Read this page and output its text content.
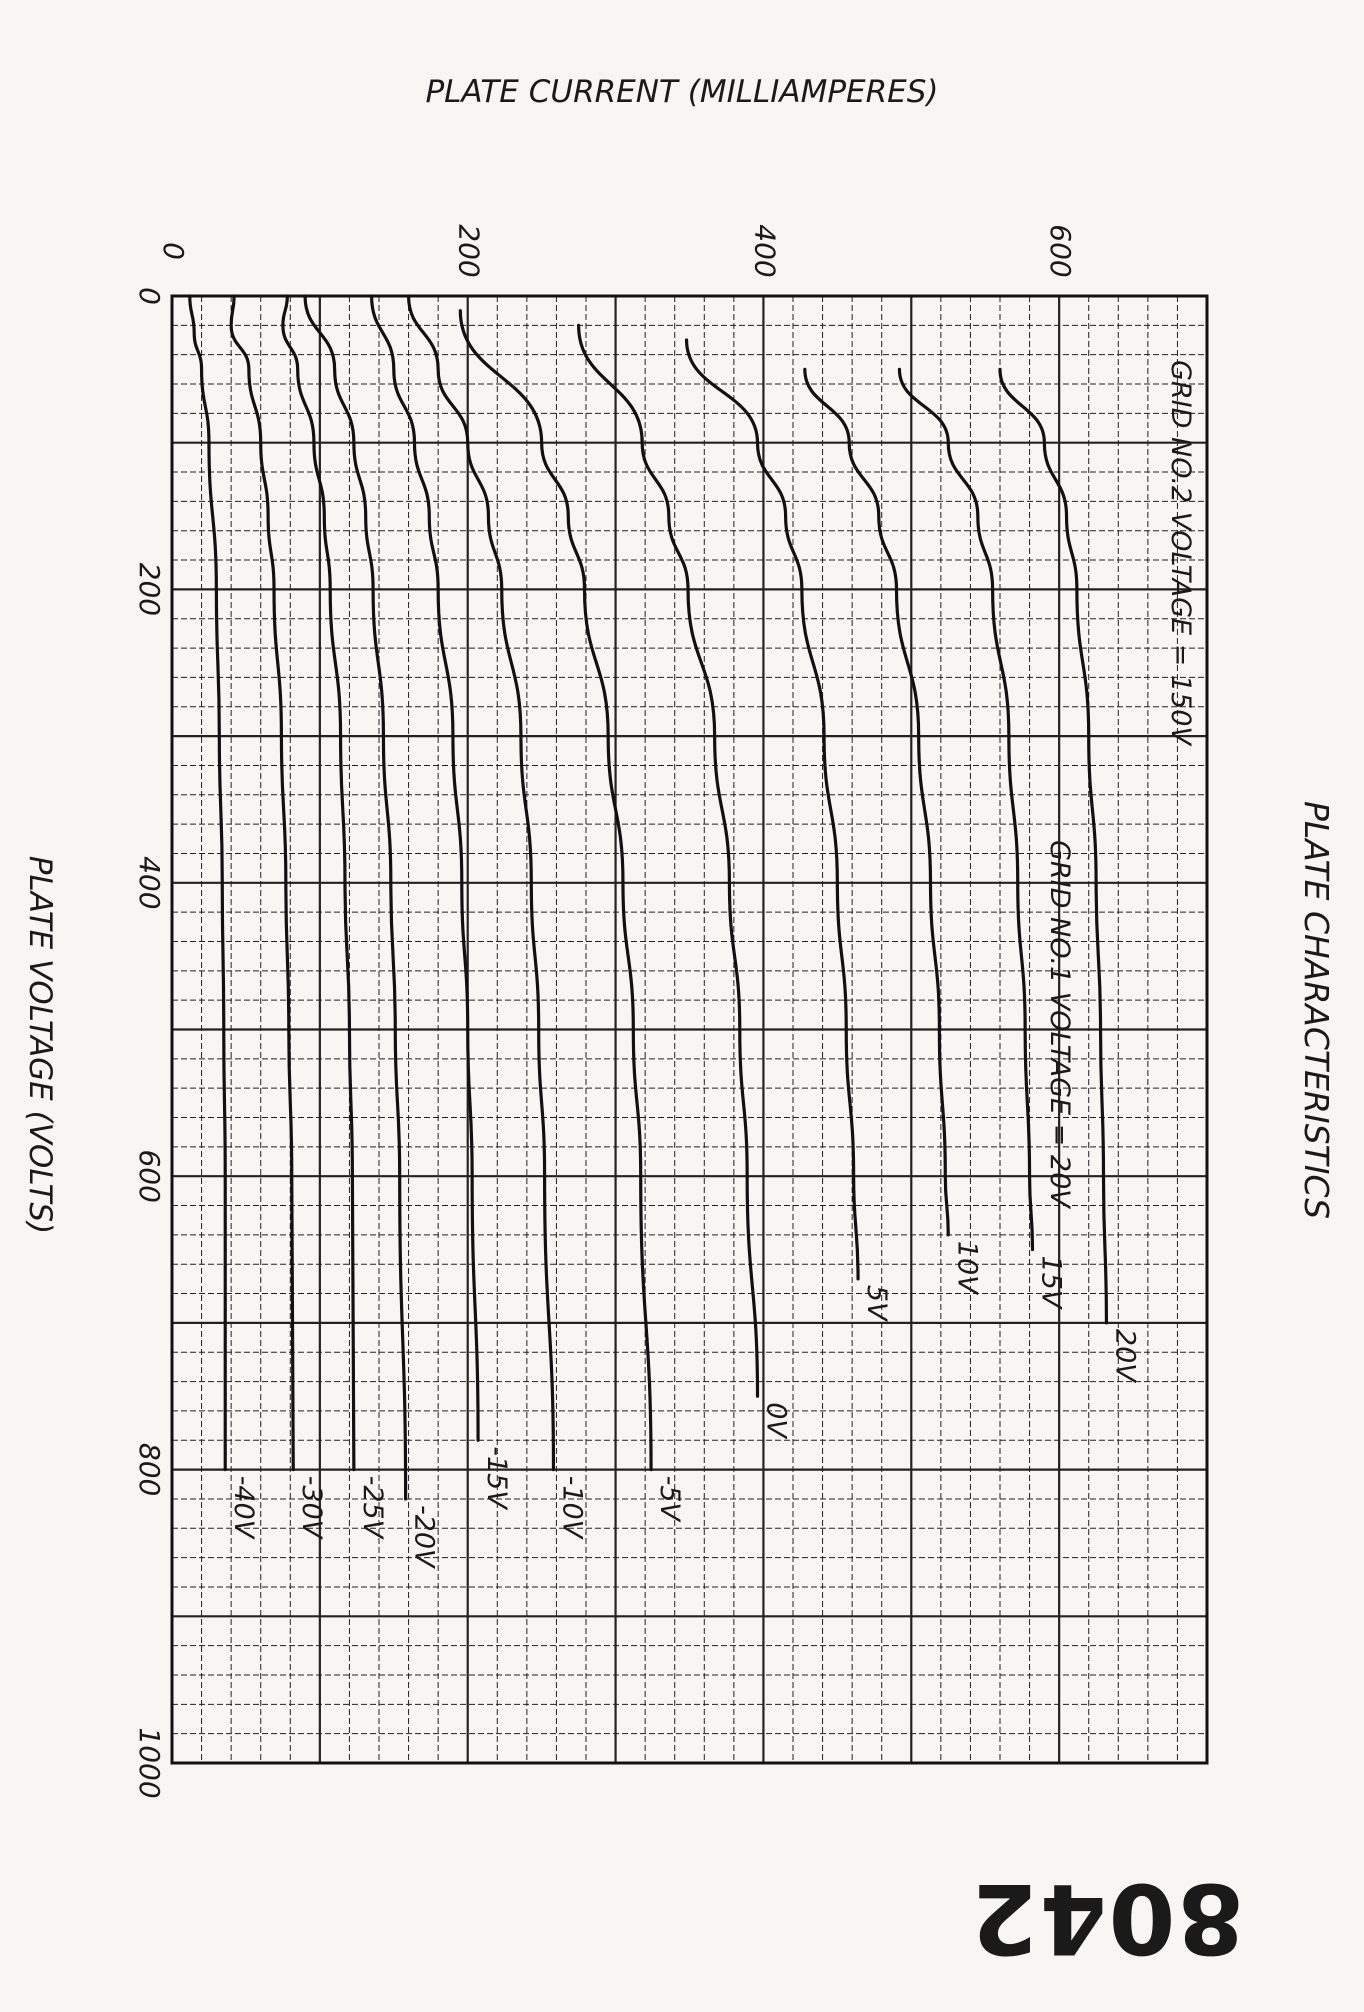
PLATE CURRENT (MILLIAMPERES)
PLATE VOLTAGE (VOLTS)	PLATE CHARACTERISTICS
GRID NO.2 VOLTAGE = 150V
GRID NO.1 VOLTAGE = 20V
0	200	400	600
0
200
400
600
800
1000
20V
15V
10V
5V
0V
-5V
-10V
-15V
-20V
-25V
-30V
-40V
8042
